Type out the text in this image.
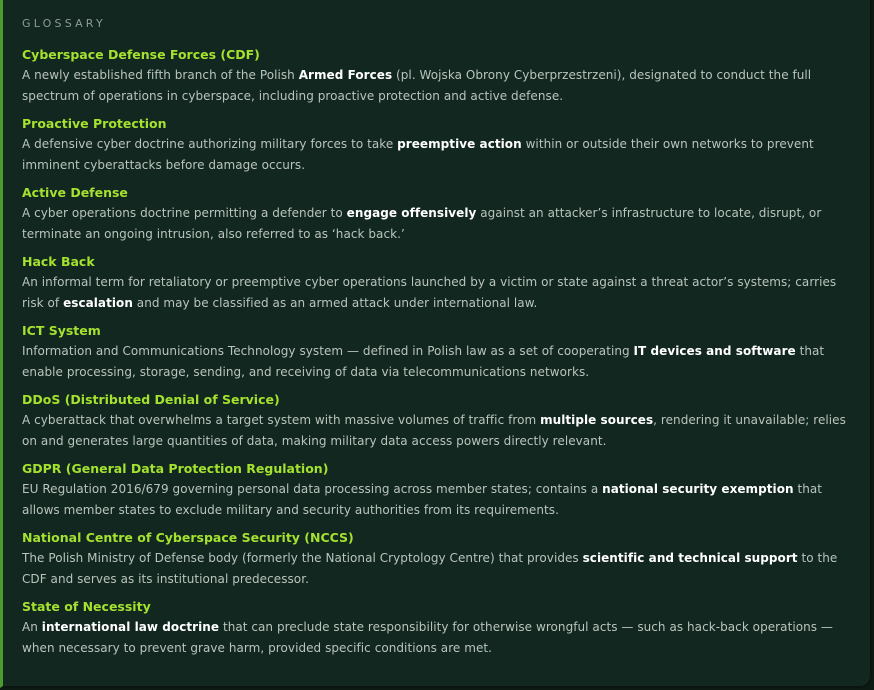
GLOSSARY
Cyberspace Defense Forces (CDF)
A newly established fifth branch of the Polish Armed Forces (pl. Wojska Obrony Cyberprzestrzeni), designated to conduct the full spectrum of operations in cyberspace, including proactive protection and active defense.
Proactive Protection
A defensive cyber doctrine authorizing military forces to take preemptive action within or outside their own networks to prevent imminent cyberattacks before damage occurs.
Active Defense
A cyber operations doctrine permitting a defender to engage offensively against an attacker’s infrastructure to locate, disrupt, or terminate an ongoing intrusion, also referred to as ‘hack back.’
Hack Back
An informal term for retaliatory or preemptive cyber operations launched by a victim or state against a threat actor’s systems; carries risk of escalation and may be classified as an armed attack under international law.
ICT System
Information and Communications Technology system — defined in Polish law as a set of cooperating IT devices and software that enable processing, storage, sending, and receiving of data via telecommunications networks.
DDoS (Distributed Denial of Service)
A cyberattack that overwhelms a target system with massive volumes of traffic from multiple sources, rendering it unavailable; relies on and generates large quantities of data, making military data access powers directly relevant.
GDPR (General Data Protection Regulation)
EU Regulation 2016/679 governing personal data processing across member states; contains a national security exemption that allows member states to exclude military and security authorities from its requirements.
National Centre of Cyberspace Security (NCCS)
The Polish Ministry of Defense body (formerly the National Cryptology Centre) that provides scientific and technical support to the CDF and serves as its institutional predecessor.
State of Necessity
An international law doctrine that can preclude state responsibility for otherwise wrongful acts — such as hack-back operations — when necessary to prevent grave harm, provided specific conditions are met.
